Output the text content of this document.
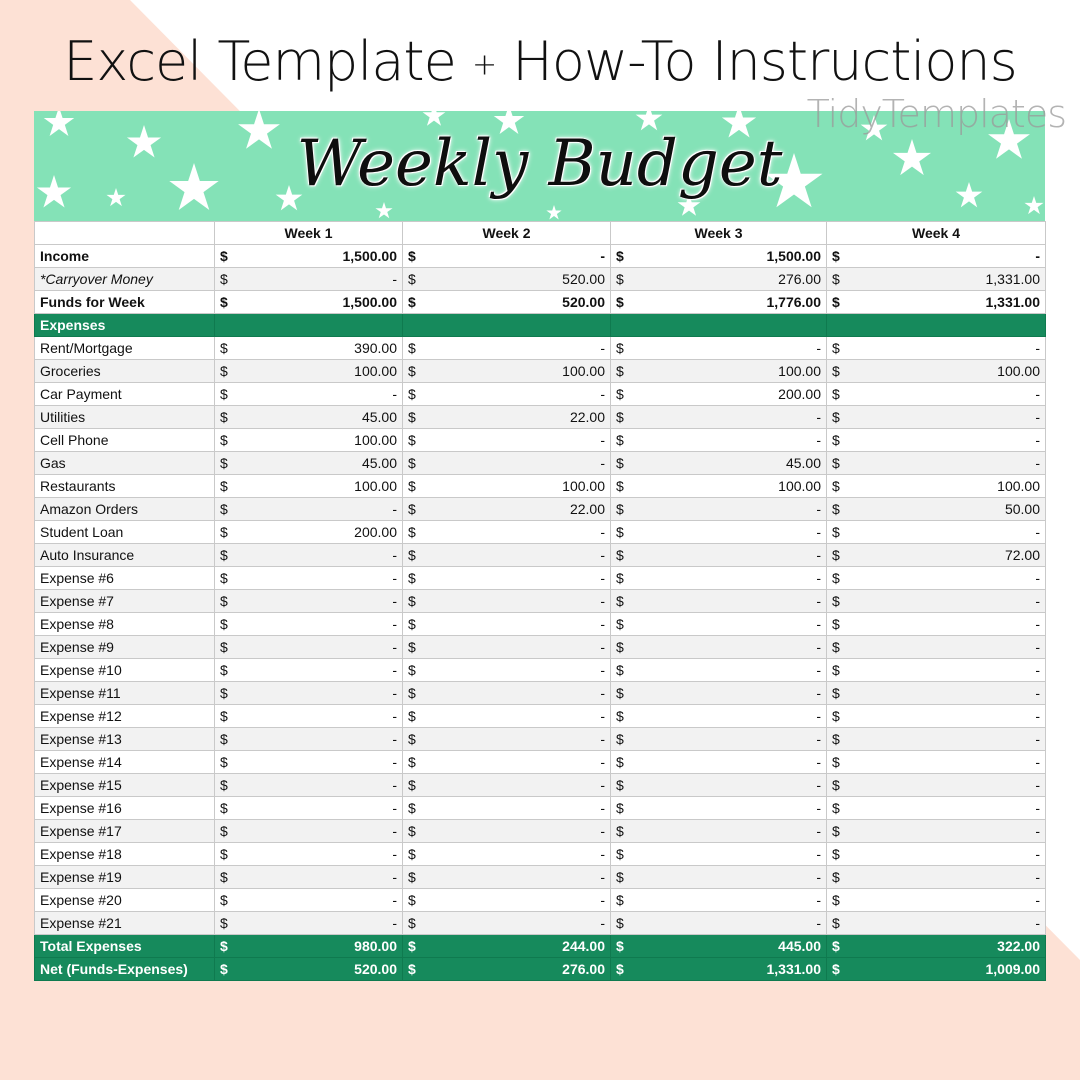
Excel Template + How-To Instructions
TidyTemplates
Weekly Budget
	Week 1		Week 2		Week 3		Week 4	
Income	$	1,500.00	$	-	$	1,500.00	$	-
*Carryover Money	$	-	$	520.00	$	276.00	$	1,331.00
Funds for Week	$	1,500.00	$	520.00	$	1,776.00	$	1,331.00
Expenses								
Rent/Mortgage	$	390.00	$	-	$	-	$	-
Groceries	$	100.00	$	100.00	$	100.00	$	100.00
Car Payment	$	-	$	-	$	200.00	$	-
Utilities	$	45.00	$	22.00	$	-	$	-
Cell Phone	$	100.00	$	-	$	-	$	-
Gas	$	45.00	$	-	$	45.00	$	-
Restaurants	$	100.00	$	100.00	$	100.00	$	100.00
Amazon Orders	$	-	$	22.00	$	-	$	50.00
Student Loan	$	200.00	$	-	$	-	$	-
Auto Insurance	$	-	$	-	$	-	$	72.00
Expense #6	$	-	$	-	$	-	$	-
Expense #7	$	-	$	-	$	-	$	-
Expense #8	$	-	$	-	$	-	$	-
Expense #9	$	-	$	-	$	-	$	-
Expense #10	$	-	$	-	$	-	$	-
Expense #11	$	-	$	-	$	-	$	-
Expense #12	$	-	$	-	$	-	$	-
Expense #13	$	-	$	-	$	-	$	-
Expense #14	$	-	$	-	$	-	$	-
Expense #15	$	-	$	-	$	-	$	-
Expense #16	$	-	$	-	$	-	$	-
Expense #17	$	-	$	-	$	-	$	-
Expense #18	$	-	$	-	$	-	$	-
Expense #19	$	-	$	-	$	-	$	-
Expense #20	$	-	$	-	$	-	$	-
Expense #21	$	-	$	-	$	-	$	-
Total Expenses	$	980.00	$	244.00	$	445.00	$	322.00
Net (Funds-Expenses)	$	520.00	$	276.00	$	1,331.00	$	1,009.00
